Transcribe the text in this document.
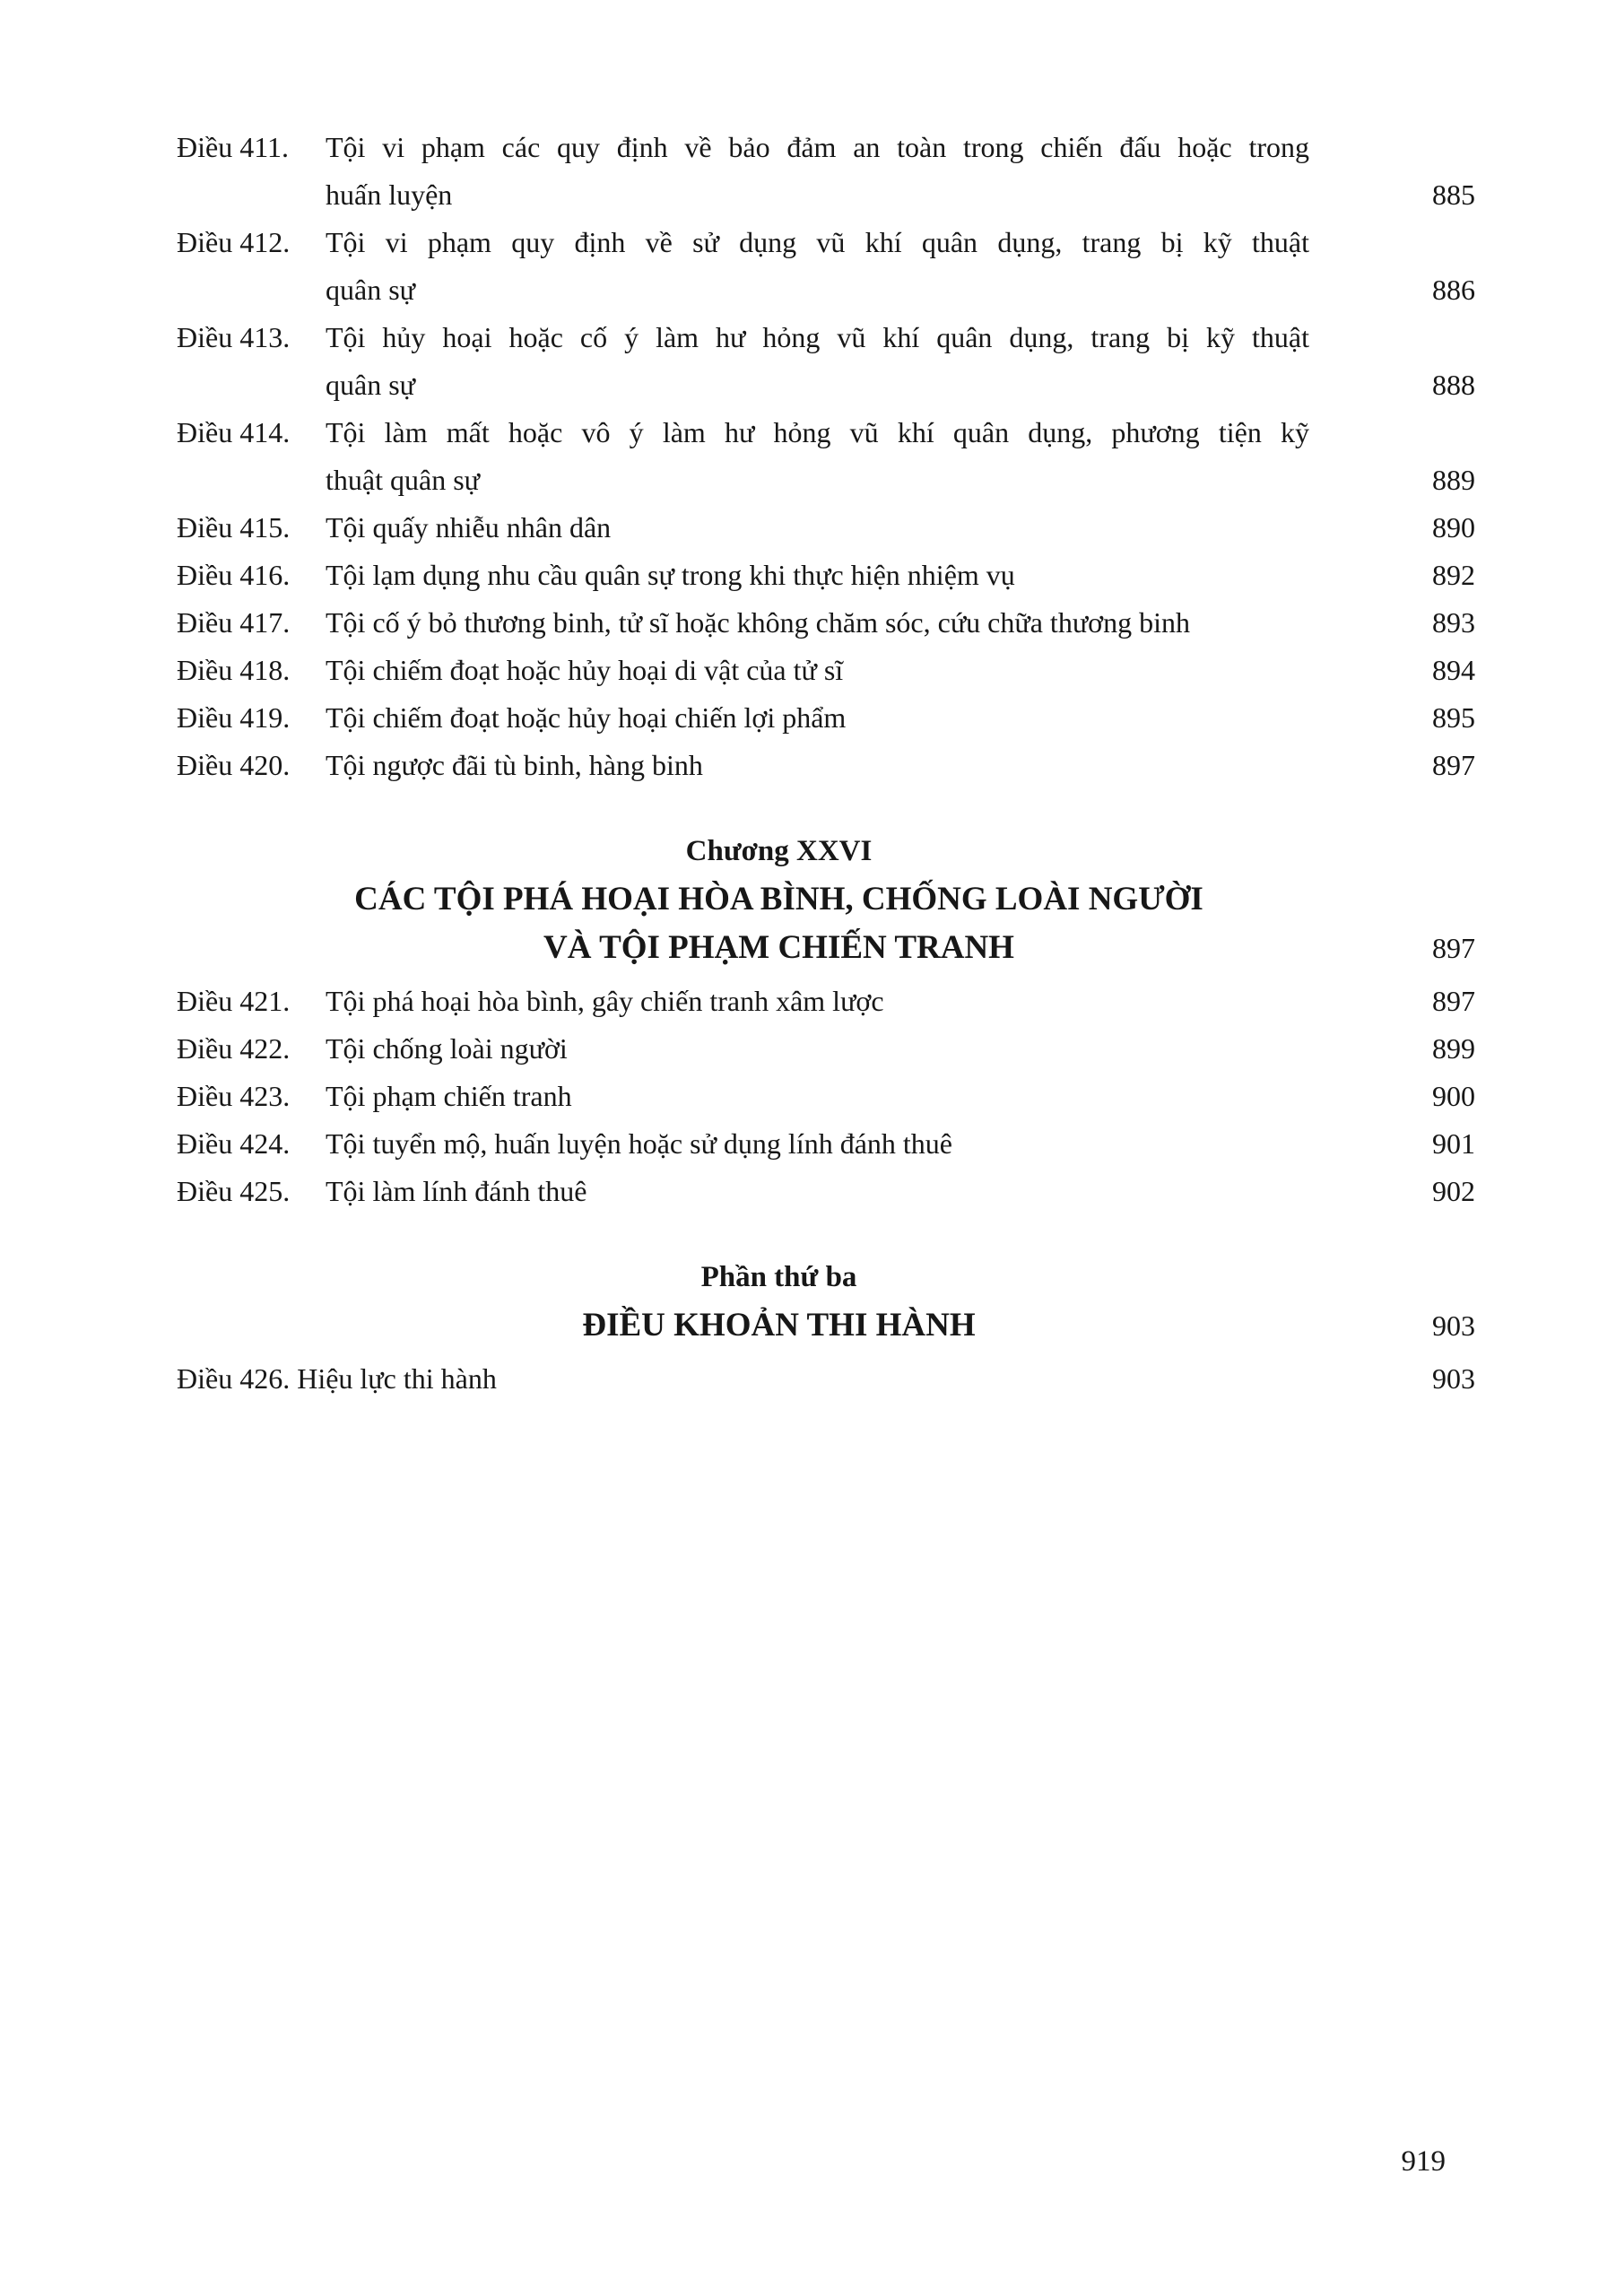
Điều 411. Tội vi phạm các quy định về bảo đảm an toàn trong chiến đấu hoặc trong
huấn luyện	885
Điều 412. Tội vi phạm quy định về sử dụng vũ khí quân dụng, trang bị kỹ thuật
quân sự	886
Điều 413. Tội hủy hoại hoặc cố ý làm hư hỏng vũ khí quân dụng, trang bị kỹ thuật
quân sự	888
Điều 414. Tội làm mất hoặc vô ý làm hư hỏng vũ khí quân dụng, phương tiện kỹ
thuật quân sự	889
Điều 415. Tội quấy nhiễu nhân dân	890
Điều 416. Tội lạm dụng nhu cầu quân sự trong khi thực hiện nhiệm vụ	892
Điều 417. Tội cố ý bỏ thương binh, tử sĩ hoặc không chăm sóc, cứu chữa thương binh	893
Điều 418. Tội chiếm đoạt hoặc hủy hoại di vật của tử sĩ	894
Điều 419. Tội chiếm đoạt hoặc hủy hoại chiến lợi phẩm	895
Điều 420. Tội ngược đãi tù binh, hàng binh	897
Chương XXVI
CÁC TỘI PHÁ HOẠI HÒA BÌNH, CHỐNG LOÀI NGƯỜI
VÀ TỘI PHẠM CHIẾN TRANH	897
Điều 421. Tội phá hoại hòa bình, gây chiến tranh xâm lược	897
Điều 422. Tội chống loài người	899
Điều 423. Tội phạm chiến tranh	900
Điều 424. Tội tuyển mộ, huấn luyện hoặc sử dụng lính đánh thuê	901
Điều 425. Tội làm lính đánh thuê	902
Phần thứ ba
ĐIỀU KHOẢN THI HÀNH	903
Điều 426. Hiệu lực thi hành	903
919
